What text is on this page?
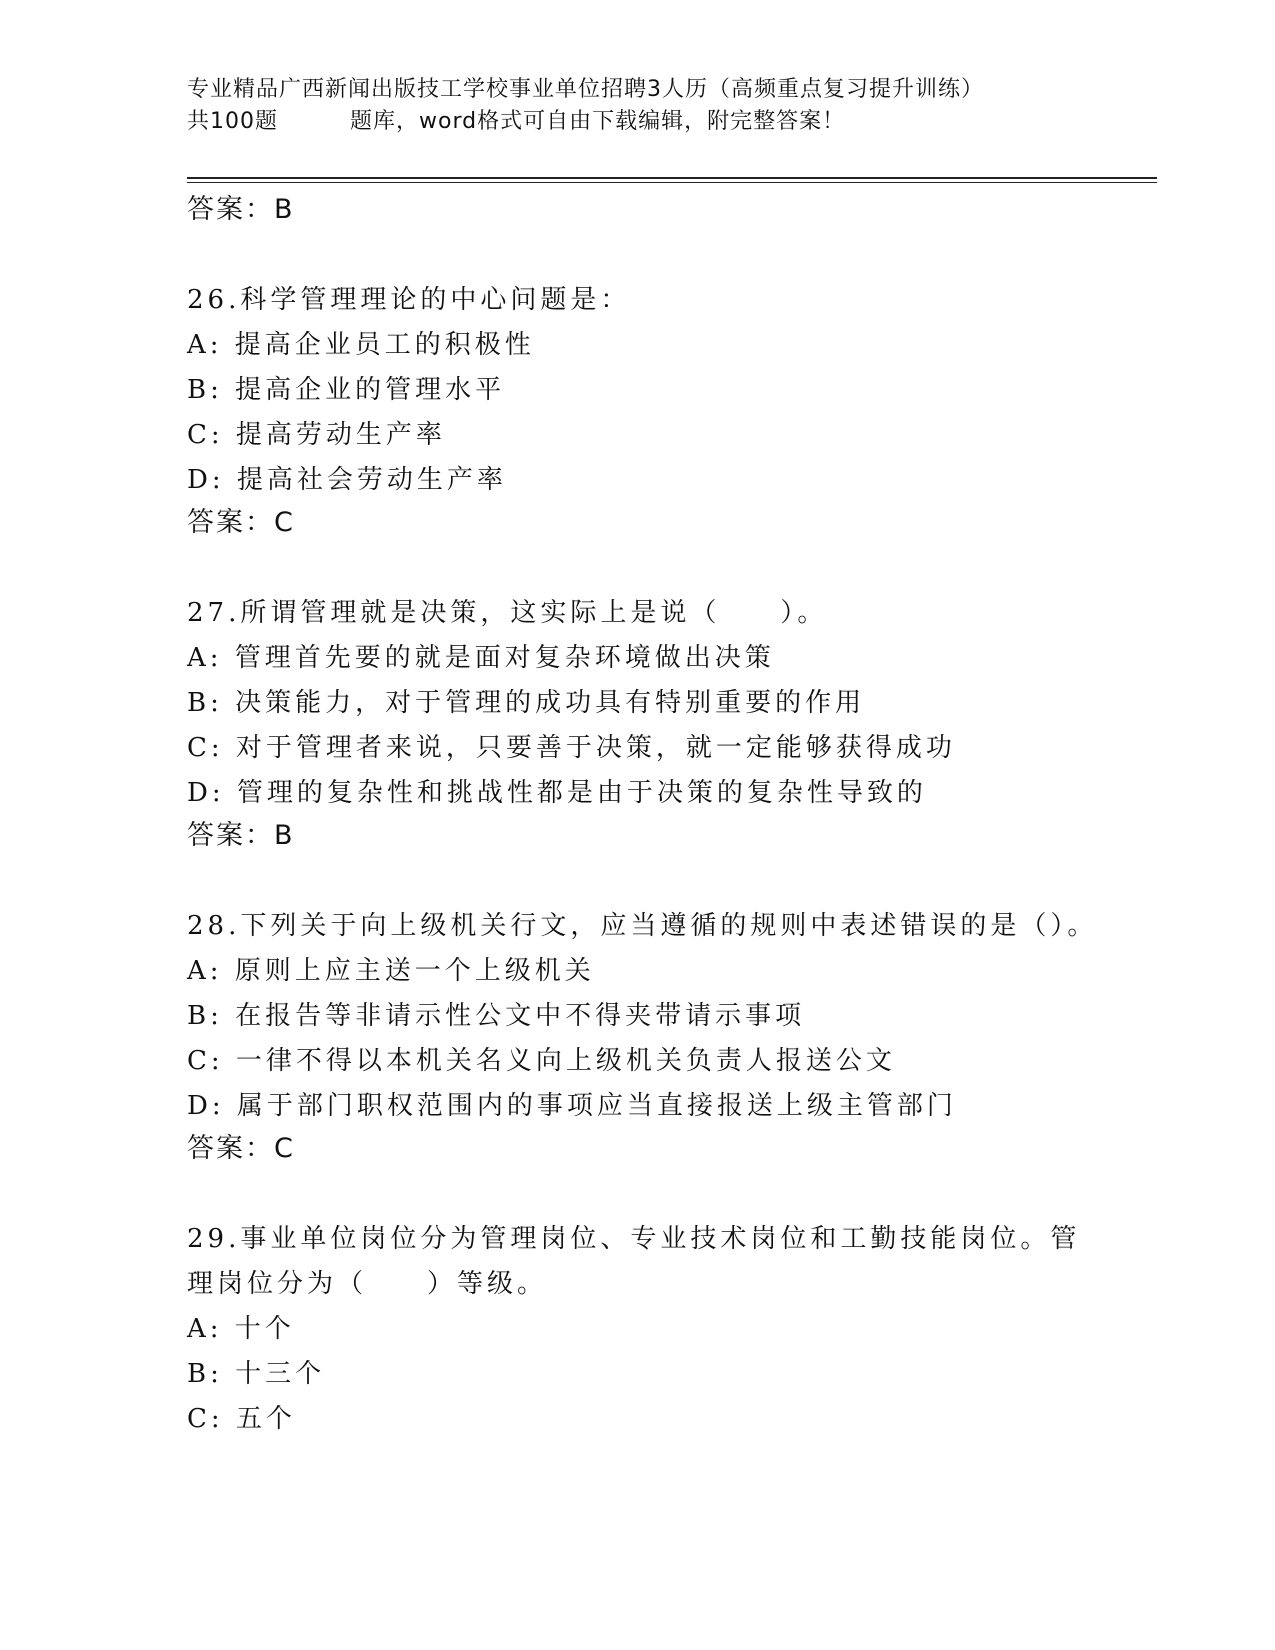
专业精品广西新闻出版技工学校事业单位招聘3人历（高频重点复习提升训练）
共100题	题库，word格式可自由下载编辑，附完整答案！

答案：B

26.科学管理理论的中心问题是：

A: 提高企业员工的积极性

B: 提高企业的管理水平

C: 提高劳动生产率

D: 提高社会劳动生产率

答案：C

27.所谓管理就是决策，这实际上是说（　　）。

A: 管理首先要的就是面对复杂环境做出决策

B: 决策能力，对于管理的成功具有特别重要的作用

C: 对于管理者来说，只要善于决策，就一定能够获得成功

D: 管理的复杂性和挑战性都是由于决策的复杂性导致的

答案：B

28.下列关于向上级机关行文，应当遵循的规则中表述错误的是（）。

A: 原则上应主送一个上级机关

B: 在报告等非请示性公文中不得夹带请示事项

C: 一律不得以本机关名义向上级机关负责人报送公文

D: 属于部门职权范围内的事项应当直接报送上级主管部门

答案：C

29.事业单位岗位分为管理岗位、专业技术岗位和工勤技能岗位。管理岗位分为（　　）等级。

A: 十个

B: 十三个

C: 五个
